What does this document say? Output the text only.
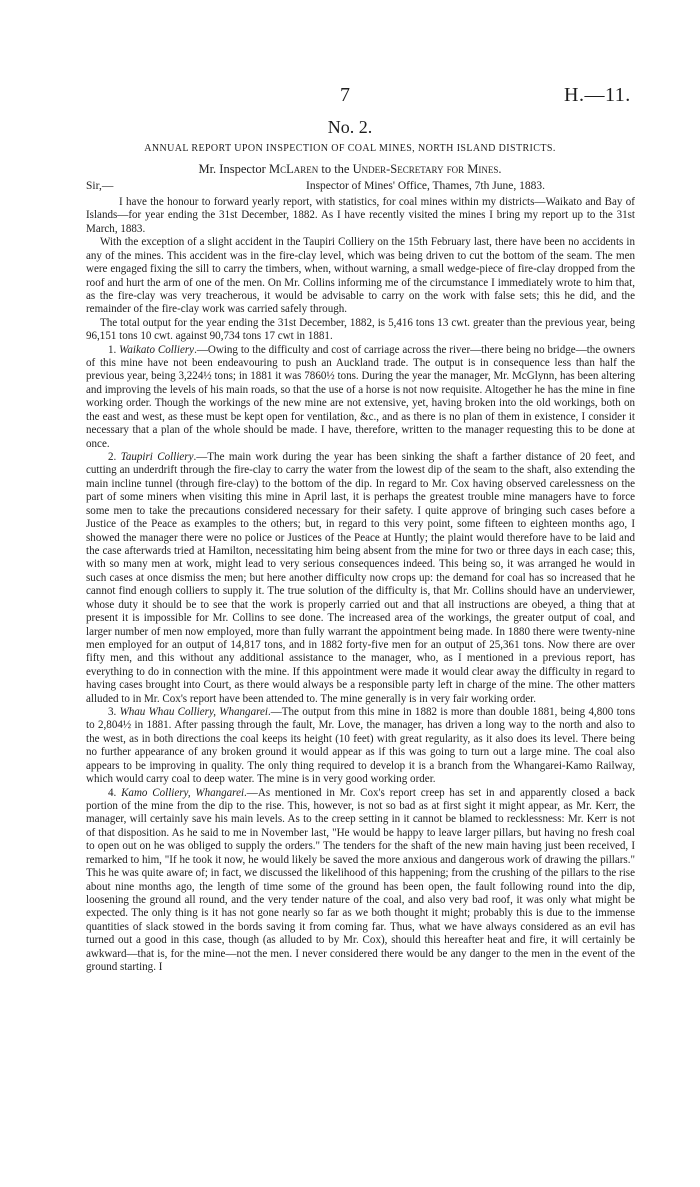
7	H.—11.
No. 2.
ANNUAL REPORT UPON INSPECTION OF COAL MINES, NORTH ISLAND DISTRICTS.
Mr. Inspector McLaren to the Under-Secretary for Mines.
Sir,—	Inspector of Mines' Office, Thames, 7th June, 1883.

I have the honour to forward yearly report, with statistics, for coal mines within my districts—Waikato and Bay of Islands—for year ending the 31st December, 1882. As I have recently visited the mines I bring my report up to the 31st March, 1883.

With the exception of a slight accident in the Taupiri Colliery on the 15th February last, there have been no accidents in any of the mines. This accident was in the fire-clay level, which was being driven to cut the bottom of the seam. The men were engaged fixing the sill to carry the timbers, when, without warning, a small wedge-piece of fire-clay dropped from the roof and hurt the arm of one of the men. On Mr. Collins informing me of the circumstance I immediately wrote to him that, as the fire-clay was very treacherous, it would be advisable to carry on the work with false sets; this he did, and the remainder of the fire-clay work was carried safely through.

The total output for the year ending the 31st December, 1882, is 5,416 tons 13 cwt. greater than the previous year, being 96,151 tons 10 cwt. against 90,734 tons 17 cwt in 1881.

1. Waikato Colliery.—Owing to the difficulty and cost of carriage across the river—there being no bridge—the owners of this mine have not been endeavouring to push an Auckland trade. The output is in consequence less than half the previous year, being 3,224½ tons; in 1881 it was 7860½ tons. During the year the manager, Mr. McGlynn, has been altering and improving the levels of his main roads, so that the use of a horse is not now requisite. Altogether he has the mine in fine working order. Though the workings of the new mine are not extensive, yet, having broken into the old workings, both on the east and west, as these must be kept open for ventilation, &c., and as there is no plan of them in existence, I consider it necessary that a plan of the whole should be made. I have, therefore, written to the manager requesting this to be done at once.

2. Taupiri Colliery.—The main work during the year has been sinking the shaft a farther distance of 20 feet, and cutting an underdrift through the fire-clay to carry the water from the lowest dip of the seam to the shaft, also extending the main incline tunnel (through fire-clay) to the bottom of the dip. In regard to Mr. Cox having observed carelessness on the part of some miners when visiting this mine in April last, it is perhaps the greatest trouble mine managers have to force some men to take the precautions considered necessary for their safety. I quite approve of bringing such cases before a Justice of the Peace as examples to the others; but, in regard to this very point, some fifteen to eighteen months ago, I showed the manager there were no police or Justices of the Peace at Huntly; the plaint would therefore have to be laid and the case afterwards tried at Hamilton, necessitating him being absent from the mine for two or three days in each case; this, with so many men at work, might lead to very serious consequences indeed. This being so, it was arranged he would in such cases at once dismiss the men; but here another difficulty now crops up: the demand for coal has so increased that he cannot find enough colliers to supply it. The true solution of the difficulty is, that Mr. Collins should have an underviewer, whose duty it should be to see that the work is properly carried out and that all instructions are obeyed, a thing that at present it is impossible for Mr. Collins to see done. The increased area of the workings, the greater output of coal, and larger number of men now employed, more than fully warrant the appointment being made. In 1880 there were twenty-nine men employed for an output of 14,817 tons, and in 1882 forty-five men for an output of 25,361 tons. Now there are over fifty men, and this without any additional assistance to the manager, who, as I mentioned in a previous report, has everything to do in connection with the mine. If this appointment were made it would clear away the difficulty in regard to having cases brought into Court, as there would always be a responsible party left in charge of the mine. The other matters alluded to in Mr. Cox's report have been attended to. The mine generally is in very fair working order.

3. Whau Whau Colliery, Whangarei.—The output from this mine in 1882 is more than double 1881, being 4,800 tons to 2,804½ in 1881. After passing through the fault, Mr. Love, the manager, has driven a long way to the north and also to the west, as in both directions the coal keeps its height (10 feet) with great regularity, as it also does its level. There being no further appearance of any broken ground it would appear as if this was going to turn out a large mine. The coal also appears to be improving in quality. The only thing required to develop it is a branch from the Whangarei-Kamo Railway, which would carry coal to deep water. The mine is in very good working order.

4. Kamo Colliery, Whangarei.—As mentioned in Mr. Cox's report creep has set in and apparently closed a back portion of the mine from the dip to the rise. This, however, is not so bad as at first sight it might appear, as Mr. Kerr, the manager, will certainly save his main levels. As to the creep setting in it cannot be blamed to recklessness: Mr. Kerr is not of that disposition. As he said to me in November last, "He would be happy to leave larger pillars, but having no fresh coal to open out on he was obliged to supply the orders." The tenders for the shaft of the new main having just been received, I remarked to him, "If he took it now, he would likely be saved the more anxious and dangerous work of drawing the pillars." This he was quite aware of; in fact, we discussed the likelihood of this happening; from the crushing of the pillars to the rise about nine months ago, the length of time some of the ground has been open, the fault following round into the dip, loosening the ground all round, and the very tender nature of the coal, and also very bad roof, it was only what might be expected. The only thing is it has not gone nearly so far as we both thought it might; probably this is due to the immense quantities of slack stowed in the bords saving it from coming far. Thus, what we have always considered as an evil has turned out a good in this case, though (as alluded to by Mr. Cox), should this hereafter heat and fire, it will certainly be awkward—that is, for the mine—not the men. I never considered there would be any danger to the men in the event of the ground starting. I
